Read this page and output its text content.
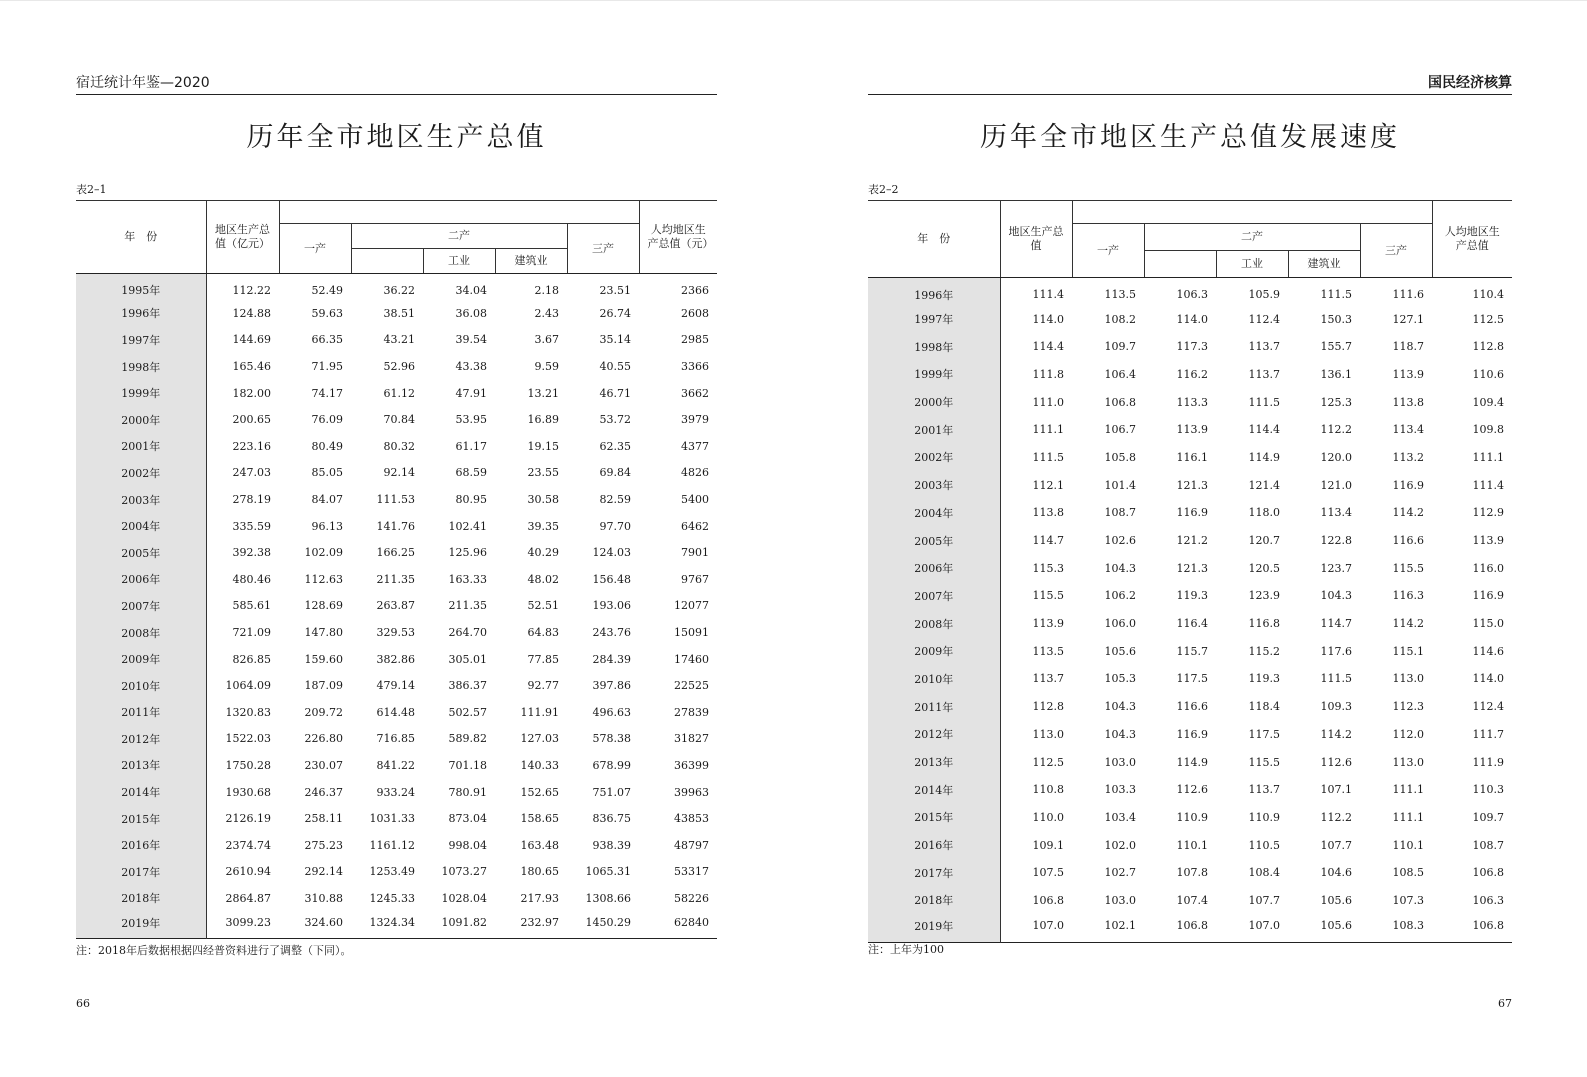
宿迁统计年鉴—2020
历年全市地区生产总值
表2–1
年　份	地区生产总值（亿元）						人均地区生产总值（元）
		一产	二产			三产	
				工业	建筑业		
1995年	112.22	52.49	36.22	34.04	2.18	23.51	2366
1996年	124.88	59.63	38.51	36.08	2.43	26.74	2608
1997年	144.69	66.35	43.21	39.54	3.67	35.14	2985
1998年	165.46	71.95	52.96	43.38	9.59	40.55	3366
1999年	182.00	74.17	61.12	47.91	13.21	46.71	3662
2000年	200.65	76.09	70.84	53.95	16.89	53.72	3979
2001年	223.16	80.49	80.32	61.17	19.15	62.35	4377
2002年	247.03	85.05	92.14	68.59	23.55	69.84	4826
2003年	278.19	84.07	111.53	80.95	30.58	82.59	5400
2004年	335.59	96.13	141.76	102.41	39.35	97.70	6462
2005年	392.38	102.09	166.25	125.96	40.29	124.03	7901
2006年	480.46	112.63	211.35	163.33	48.02	156.48	9767
2007年	585.61	128.69	263.87	211.35	52.51	193.06	12077
2008年	721.09	147.80	329.53	264.70	64.83	243.76	15091
2009年	826.85	159.60	382.86	305.01	77.85	284.39	17460
2010年	1064.09	187.09	479.14	386.37	92.77	397.86	22525
2011年	1320.83	209.72	614.48	502.57	111.91	496.63	27839
2012年	1522.03	226.80	716.85	589.82	127.03	578.38	31827
2013年	1750.28	230.07	841.22	701.18	140.33	678.99	36399
2014年	1930.68	246.37	933.24	780.91	152.65	751.07	39963
2015年	2126.19	258.11	1031.33	873.04	158.65	836.75	43853
2016年	2374.74	275.23	1161.12	998.04	163.48	938.39	48797
2017年	2610.94	292.14	1253.49	1073.27	180.65	1065.31	53317
2018年	2864.87	310.88	1245.33	1028.04	217.93	1308.66	58226
2019年	3099.23	324.60	1324.34	1091.82	232.97	1450.29	62840
注：2018年后数据根据四经普资料进行了调整（下同）。
66
国民经济核算
历年全市地区生产总值发展速度
表2–2
年　份	地区生产总值						人均地区生产总值
		一产	二产			三产	
				工业	建筑业		
1996年	111.4	113.5	106.3	105.9	111.5	111.6	110.4
1997年	114.0	108.2	114.0	112.4	150.3	127.1	112.5
1998年	114.4	109.7	117.3	113.7	155.7	118.7	112.8
1999年	111.8	106.4	116.2	113.7	136.1	113.9	110.6
2000年	111.0	106.8	113.3	111.5	125.3	113.8	109.4
2001年	111.1	106.7	113.9	114.4	112.2	113.4	109.8
2002年	111.5	105.8	116.1	114.9	120.0	113.2	111.1
2003年	112.1	101.4	121.3	121.4	121.0	116.9	111.4
2004年	113.8	108.7	116.9	118.0	113.4	114.2	112.9
2005年	114.7	102.6	121.2	120.7	122.8	116.6	113.9
2006年	115.3	104.3	121.3	120.5	123.7	115.5	116.0
2007年	115.5	106.2	119.3	123.9	104.3	116.3	116.9
2008年	113.9	106.0	116.4	116.8	114.7	114.2	115.0
2009年	113.5	105.6	115.7	115.2	117.6	115.1	114.6
2010年	113.7	105.3	117.5	119.3	111.5	113.0	114.0
2011年	112.8	104.3	116.6	118.4	109.3	112.3	112.4
2012年	113.0	104.3	116.9	117.5	114.2	112.0	111.7
2013年	112.5	103.0	114.9	115.5	112.6	113.0	111.9
2014年	110.8	103.3	112.6	113.7	107.1	111.1	110.3
2015年	110.0	103.4	110.9	110.9	112.2	111.1	109.7
2016年	109.1	102.0	110.1	110.5	107.7	110.1	108.7
2017年	107.5	102.7	107.8	108.4	104.6	108.5	106.8
2018年	106.8	103.0	107.4	107.7	105.6	107.3	106.3
2019年	107.0	102.1	106.8	107.0	105.6	108.3	106.8
注：上年为100
67
